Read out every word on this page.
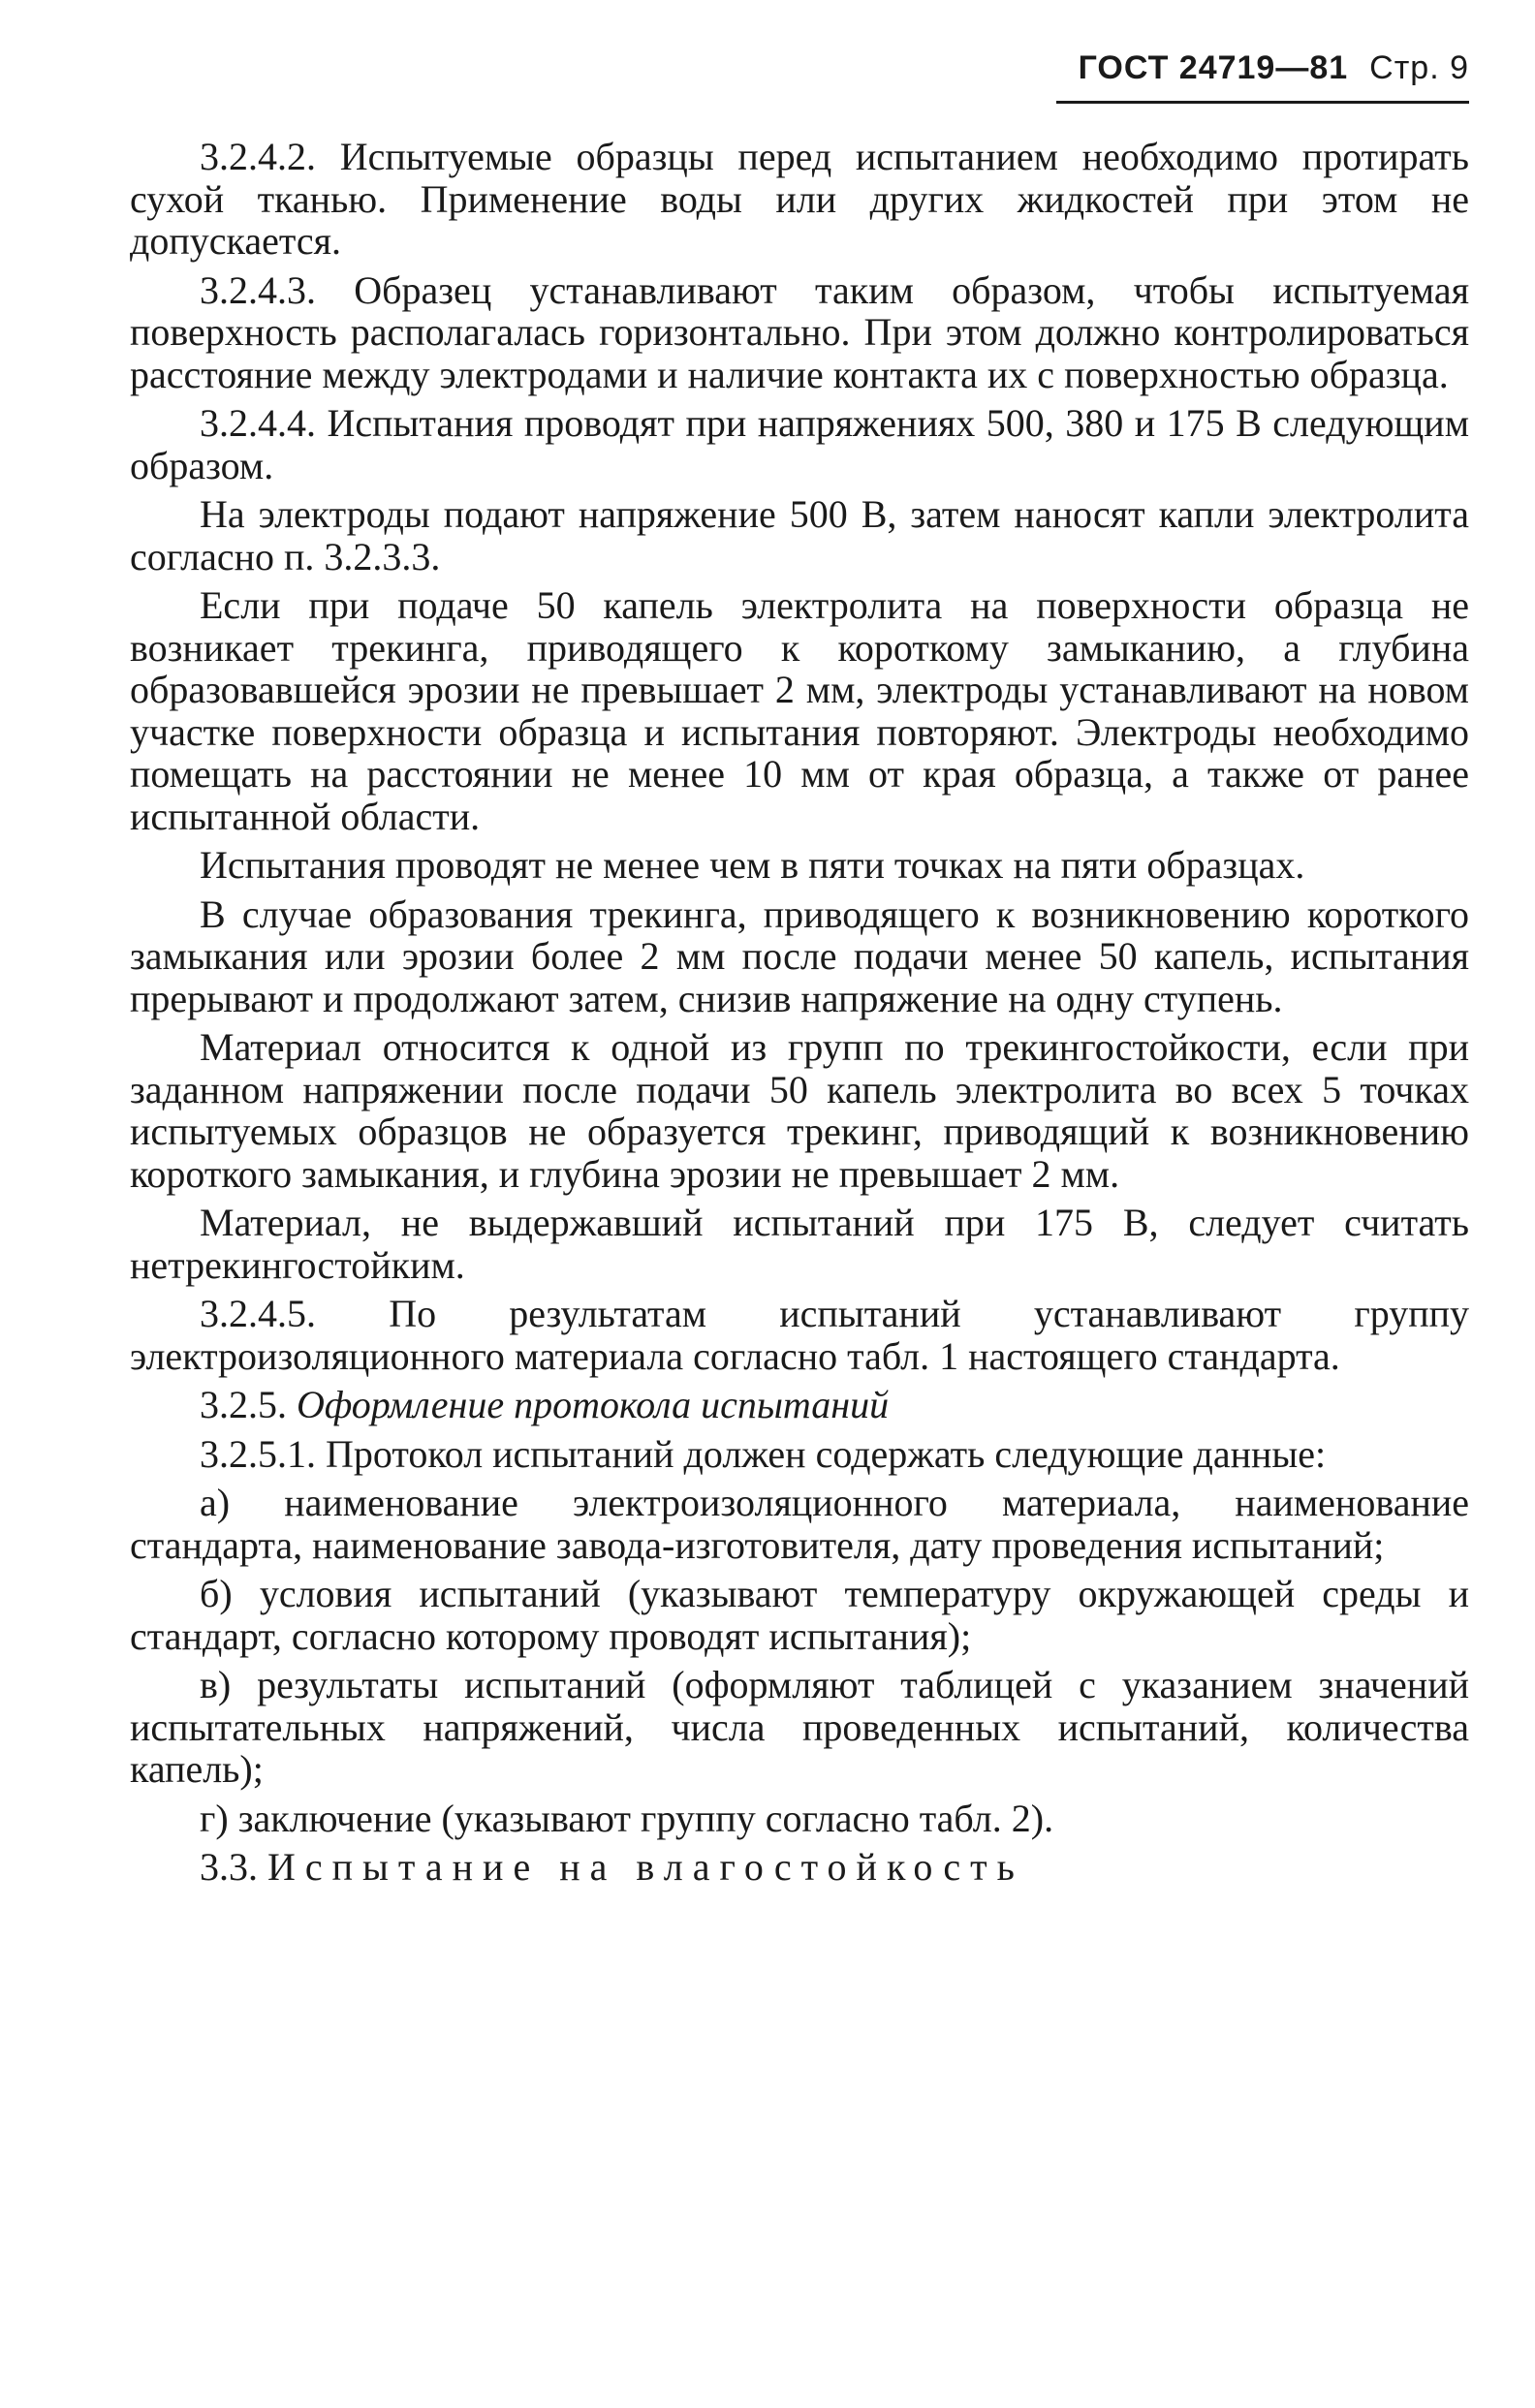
ГОСТ 24719—81 Стр. 9

3.2.4.2. Испытуемые образцы перед испытанием необходимо протирать сухой тканью. Применение воды или других жидкостей при этом не допускается.

3.2.4.3. Образец устанавливают таким образом, чтобы испытуемая поверхность располагалась горизонтально. При этом должно контролироваться расстояние между электродами и наличие контакта их с поверхностью образца.

3.2.4.4. Испытания проводят при напряжениях 500, 380 и 175 В следующим образом.

На электроды подают напряжение 500 В, затем наносят капли электролита согласно п. 3.2.3.3.

Если при подаче 50 капель электролита на поверхности образца не возникает трекинга, приводящего к короткому замыканию, а глубина образовавшейся эрозии не превышает 2 мм, электроды устанавливают на новом участке поверхности образца и испытания повторяют. Электроды необходимо помещать на расстоянии не менее 10 мм от края образца, а также от ранее испытанной области.

Испытания проводят не менее чем в пяти точках на пяти образцах.

В случае образования трекинга, приводящего к возникновению короткого замыкания или эрозии более 2 мм после подачи менее 50 капель, испытания прерывают и продолжают затем, снизив напряжение на одну ступень.

Материал относится к одной из групп по трекингостойкости, если при заданном напряжении после подачи 50 капель электролита во всех 5 точках испытуемых образцов не образуется трекинг, приводящий к возникновению короткого замыкания, и глубина эрозии не превышает 2 мм.

Материал, не выдержавший испытаний при 175 В, следует считать нетрекингостойким.

3.2.4.5. По результатам испытаний устанавливают группу электроизоляционного материала согласно табл. 1 настоящего стандарта.

3.2.5. Оформление протокола испытаний

3.2.5.1. Протокол испытаний должен содержать следующие данные:

а) наименование электроизоляционного материала, наименование стандарта, наименование завода-изготовителя, дату проведения испытаний;

б) условия испытаний (указывают температуру окружающей среды и стандарт, согласно которому проводят испытания);

в) результаты испытаний (оформляют таблицей с указанием значений испытательных напряжений, числа проведенных испытаний, количества капель);

г) заключение (указывают группу согласно табл. 2).

3.3. Испытание на влагостойкость
